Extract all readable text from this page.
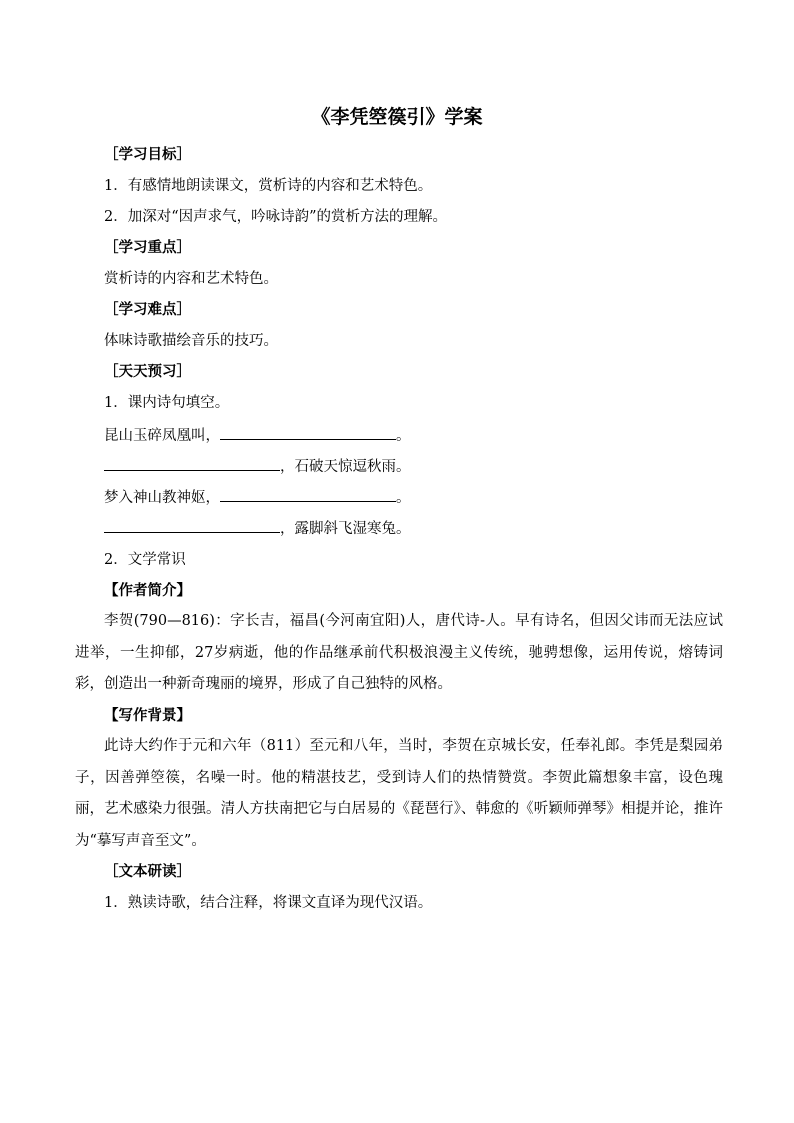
《李凭箜篌引》学案
［学习目标］
1．有感情地朗读课文，赏析诗的内容和艺术特色。
2．加深对“因声求气，吟咏诗韵”的赏析方法的理解。
［学习重点］
赏析诗的内容和艺术特色。
［学习难点］
体味诗歌描绘音乐的技巧。
［天天预习］
1．课内诗句填空。
昆山玉碎凤凰叫，	。
，石破天惊逗秋雨。
梦入神山教神妪，	。
，露脚斜飞湿寒兔。
2．文学常识
【作者简介】
李贺(790—816)：字长吉，福昌(今河南宜阳)人，唐代诗-人。早有诗名，但因父讳而无法应试进举，一生抑郁，27岁病逝，他的作品继承前代积极浪漫主义传统，驰骋想像，运用传说，熔铸词彩，创造出一种新奇瑰丽的境界，形成了自己独特的风格。
【写作背景】
此诗大约作于元和六年（811）至元和八年，当时，李贺在京城长安，任奉礼郎。李凭是梨园弟子，因善弹箜篌，名噪一时。他的精湛技艺，受到诗人们的热情赞赏。李贺此篇想象丰富，设色瑰丽，艺术感染力很强。清人方扶南把它与白居易的《琵琶行》、韩愈的《听颖师弹琴》相提并论，推许为“摹写声音至文”。
［文本研读］
1．熟读诗歌，结合注释，将课文直译为现代汉语。
